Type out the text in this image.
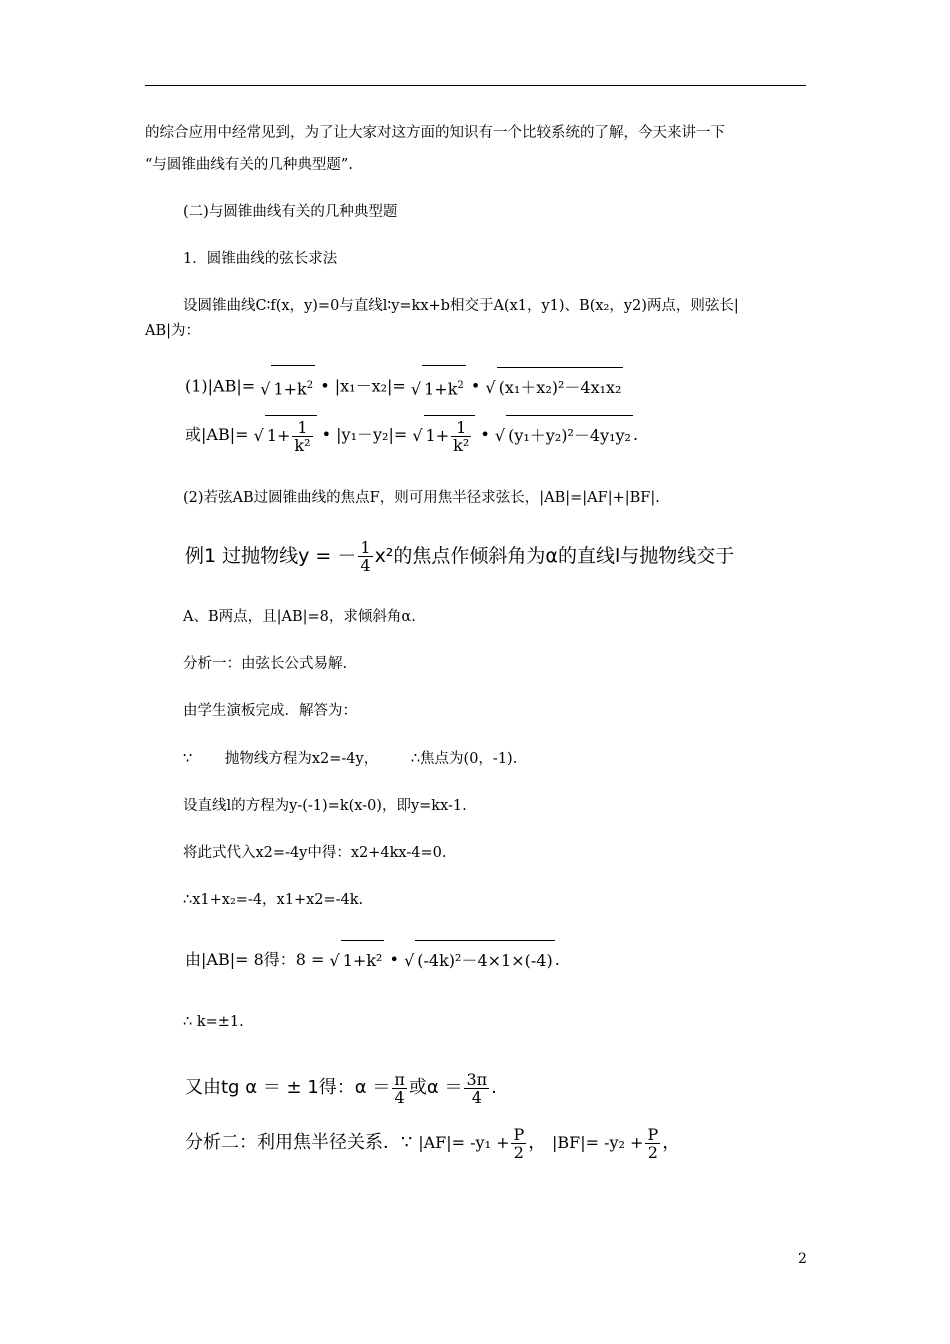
的综合应用中经常见到，为了让大家对这方面的知识有一个比较系统的了解，今天来讲一下
“与圆锥曲线有关的几种典型题”.
(二)与圆锥曲线有关的几种典型题
1．圆锥曲线的弦长求法
设圆锥曲线C∶f(x，y)=0与直线l∶y=kx+b相交于A(x1，y1)、B(x₂，y2)两点，则弦长|
AB|为：
(1)|AB|= √ $1+k^2$ • |x₁－x₂|= √ $1+k^2$ • √ (x₁＋x₂)²－4x₁x₂
或|AB|= √ $1+ \frac{1}{\text{k²}}$ • |y₁－y₂|= √ $1+ \frac{1}{\text{k²}}$ • √ (y₁＋y₂)²－4y₁y₂ .
(2)若弦AB过圆锥曲线的焦点F，则可用焦半径求弦长，|AB|=|AF|+|BF|.
例1 过抛物线y = － $\frac{1}{4} x^2$的焦点作倾斜角为α的直线l与抛物线交于
A、B两点，且|AB|=8，求倾斜角α.
分析一：由弦长公式易解.
由学生演板完成．解答为：
∵ 抛物线方程为x2=-4y， ∴焦点为(0，-1).
设直线l的方程为y-(-1)=k(x-0)，即y=kx-1.
将此式代入x2=-4y中得：x2+4kx-4=0.
∴x1+x₂=-4，x1+x2=-4k.
由|AB|= 8得：8 = √ 1+k² • √ (-4k)²－4×1×(-4) .
∴ k=±1.
又由tg α ＝ ± 1得：$\alpha = \frac{\pi}{4}$ 或$\alpha = \frac{3\pi}{4}$ .
分析二：利用焦半径关系．∵ $|AF|= -y_1 + \frac{P}{2}$ ， $|BF|= -y_2 + \frac{P}{2}$ ，
2
